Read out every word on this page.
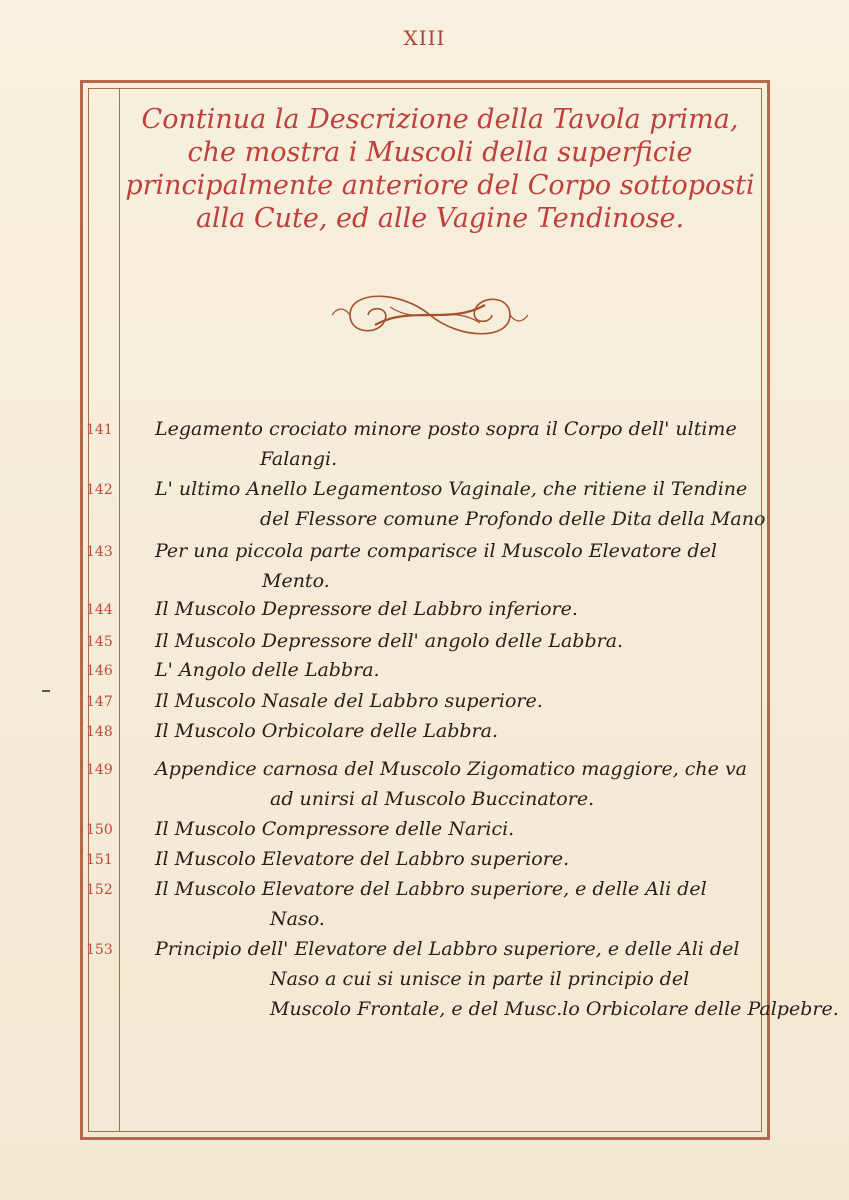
XIII
Continua la Descrizione della Tavola prima, che mostra i Muscoli della superficie principalmente anteriore del Corpo sottoposti alla Cute, ed alle Vagine Tendinose.
141 Legamento crociato minore posto sopra il Corpo dell' ultime
Falangi.
142 L' ultimo Anello Legamentoso Vaginale, che ritiene il Tendine
del Flessore comune Profondo delle Dita della Mano
143 Per una piccola parte comparisce il Muscolo Elevatore del
Mento.
144 Il Muscolo Depressore del Labbro inferiore.
145 Il Muscolo Depressore dell' angolo delle Labbra.
146 L' Angolo delle Labbra.
147 Il Muscolo Nasale del Labbro superiore.
148 Il Muscolo Orbicolare delle Labbra.
149 Appendice carnosa del Muscolo Zigomatico maggiore, che va
ad unirsi al Muscolo Buccinatore.
150 Il Muscolo Compressore delle Narici.
151 Il Muscolo Elevatore del Labbro superiore.
152 Il Muscolo Elevatore del Labbro superiore, e delle Ali del
Naso.
153 Principio dell' Elevatore del Labbro superiore, e delle Ali del
Naso a cui si unisce in parte il principio del
Muscolo Frontale, e del Musc.lo Orbicolare delle Palpebre.
